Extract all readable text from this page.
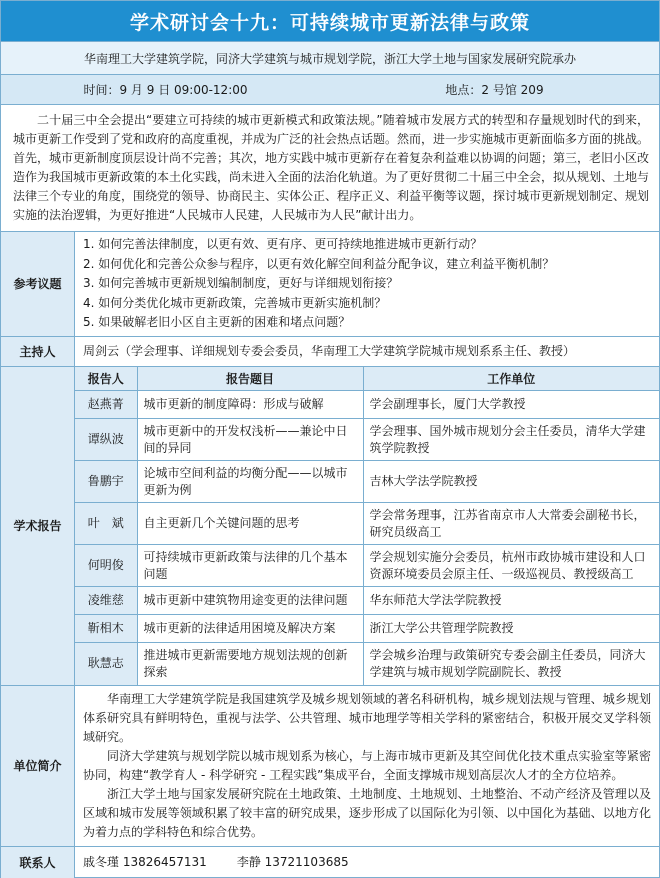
学术研讨会十九：可持续城市更新法律与政策
华南理工大学建筑学院，同济大学建筑与城市规划学院，浙江大学土地与国家发展研究院承办
时间：9 月 9 日 09:00-12:00	地点：2 号馆 209
二十届三中全会提出“要建立可持续的城市更新模式和政策法规。”随着城市发展方式的转型和存量规划时代的到来，城市更新工作受到了党和政府的高度重视，并成为广泛的社会热点话题。然而，进一步实施城市更新面临多方面的挑战。首先，城市更新制度顶层设计尚不完善；其次，地方实践中城市更新存在着复杂利益难以协调的问题；第三，老旧小区改造作为我国城市更新政策的本土化实践，尚未进入全面的法治化轨道。为了更好贯彻二十届三中全会，拟从规划、土地与法律三个专业的角度，围绕党的领导、协商民主、实体公正、程序正义、利益平衡等议题，探讨城市更新规划制定、规划实施的法治逻辑，为更好推进“人民城市人民建，人民城市为人民”献计出力。
参考议题
1. 如何完善法律制度，以更有效、更有序、更可持续地推进城市更新行动？
2. 如何优化和完善公众参与程序，以更有效化解空间利益分配争议，建立利益平衡机制？
3. 如何完善城市更新规划编制制度，更好与详细规划衔接？
4. 如何分类优化城市更新政策，完善城市更新实施机制？
5. 如果破解老旧小区自主更新的困难和堵点问题？
主持人	周剑云（学会理事、详细规划专委会委员，华南理工大学建筑学院城市规划系系主任、教授）
学术报告
报告人	报告题目	工作单位
赵燕菁	城市更新的制度障碍：形成与破解	学会副理事长，厦门大学教授
谭纵波	城市更新中的开发权浅析——兼论中日间的异同	学会理事、国外城市规划分会主任委员，清华大学建筑学院教授
鲁鹏宇	论城市空间利益的均衡分配——以城市更新为例	吉林大学法学院教授
叶　斌	自主更新几个关键问题的思考	学会常务理事，江苏省南京市人大常委会副秘书长，研究员级高工
何明俊	可持续城市更新政策与法律的几个基本问题	学会规划实施分会委员，杭州市政协城市建设和人口资源环境委员会原主任、一级巡视员、教授级高工
凌维慈	城市更新中建筑物用途变更的法律问题	华东师范大学法学院教授
靳相木	城市更新的法律适用困境及解决方案	浙江大学公共管理学院教授
耿慧志	推进城市更新需要地方规划法规的创新探索	学会城乡治理与政策研究专委会副主任委员，同济大学建筑与城市规划学院副院长、教授
单位简介

华南理工大学建筑学院是我国建筑学及城乡规划领域的著名科研机构，城乡规划法规与管理、城乡规划体系研究具有鲜明特色，重视与法学、公共管理、城市地理学等相关学科的紧密结合，积极开展交叉学科领域研究。

同济大学建筑与规划学院以城市规划系为核心，与上海市城市更新及其空间优化技术重点实验室等紧密协同，构建“教学育人 - 科学研究 - 工程实践”集成平台，全面支撑城市规划高层次人才的全方位培养。

浙江大学土地与国家发展研究院在土地政策、土地制度、土地规划、土地整治、不动产经济及管理以及区域和城市发展等领域积累了较丰富的研究成果，逐步形成了以国际化为引领、以中国化为基础、以地方化为着力点的学科特色和综合优势。

联系人	戚冬瑾 13826457131	李静 13721103685
